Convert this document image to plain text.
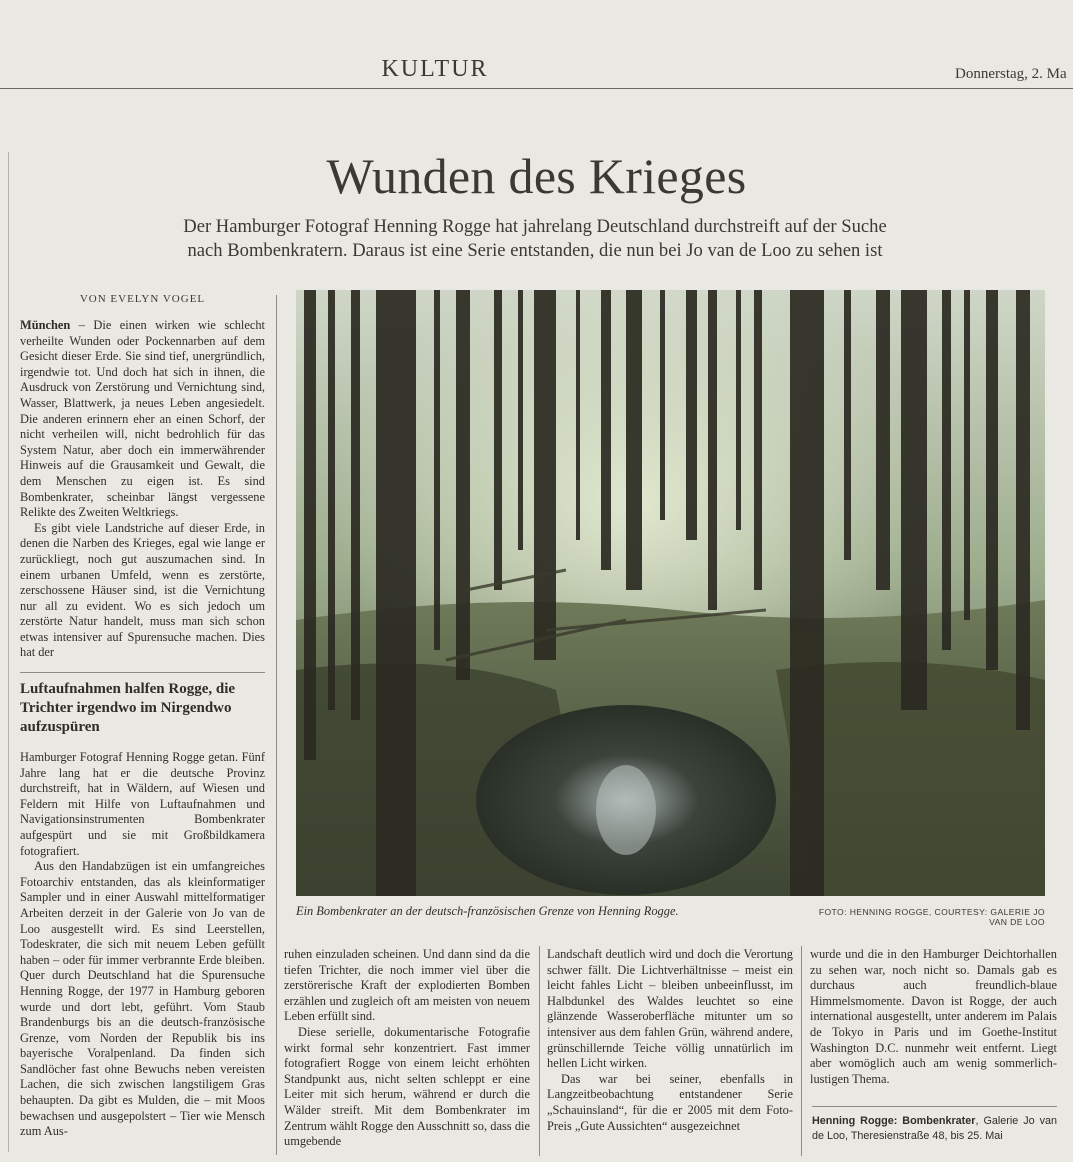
KULTUR	Donnerstag, 2. Ma
Wunden des Krieges
Der Hamburger Fotograf Henning Rogge hat jahrelang Deutschland durchstreift auf der Suche
nach Bombenkratern. Daraus ist eine Serie entstanden, die nun bei Jo van de Loo zu sehen ist
VON EVELYN VOGEL

München – Die einen wirken wie schlecht verheilte Wunden oder Pockennarben auf dem Gesicht dieser Erde. Sie sind tief, unergründlich, irgendwie tot. Und doch hat sich in ihnen, die Ausdruck von Zerstörung und Vernichtung sind, Wasser, Blattwerk, ja neues Leben angesiedelt. Die anderen erinnern eher an einen Schorf, der nicht verheilen will, nicht bedrohlich für das System Natur, aber doch ein immerwährender Hinweis auf die Grausamkeit und Gewalt, die dem Menschen zu eigen ist. Es sind Bombenkrater, scheinbar längst vergessene Relikte des Zweiten Weltkriegs.

Es gibt viele Landstriche auf dieser Erde, in denen die Narben des Krieges, egal wie lange er zurückliegt, noch gut auszumachen sind. In einem urbanen Umfeld, wenn es zerstörte, zerschossene Häuser sind, ist die Vernichtung nur all zu evident. Wo es sich jedoch um zerstörte Natur handelt, muss man sich schon etwas intensiver auf Spurensuche machen. Dies hat der

Luftaufnahmen halfen Rogge, die Trichter irgendwo im Nirgendwo aufzuspüren

Hamburger Fotograf Henning Rogge getan. Fünf Jahre lang hat er die deutsche Provinz durchstreift, hat in Wäldern, auf Wiesen und Feldern mit Hilfe von Luftaufnahmen und Navigationsinstrumenten Bombenkrater aufgespürt und sie mit Großbildkamera fotografiert.

Aus den Handabzügen ist ein umfangreiches Fotoarchiv entstanden, das als kleinformatiger Sampler und in einer Auswahl mittelformatiger Arbeiten derzeit in der Galerie von Jo van de Loo ausgestellt wird. Es sind Leerstellen, Todeskrater, die sich mit neuem Leben gefüllt haben – oder für immer verbrannte Erde bleiben. Quer durch Deutschland hat die Spurensuche Henning Rogge, der 1977 in Hamburg geboren wurde und dort lebt, geführt. Vom Staub Brandenburgs bis an die deutsch-französische Grenze, vom Norden der Republik bis ins bayerische Voralpenland. Da finden sich Sandlöcher fast ohne Bewuchs neben vereisten Lachen, die sich zwischen langstiligem Gras behaupten. Da gibt es Mulden, die – mit Moos bewachsen und ausgepolstert – Tier wie Mensch zum Aus-

Ein Bombenkrater an der deutsch-französischen Grenze von Henning Rogge.	FOTO: HENNING ROGGE, COURTESY: GALERIE JO VAN DE LOO

ruhen einzuladen scheinen. Und dann sind da die tiefen Trichter, die noch immer viel über die zerstörerische Kraft der explodierten Bomben erzählen und zugleich oft am meisten von neuem Leben erfüllt sind.

Diese serielle, dokumentarische Fotografie wirkt formal sehr konzentriert. Fast immer fotografiert Rogge von einem leicht erhöhten Standpunkt aus, nicht selten schleppt er eine Leiter mit sich herum, während er durch die Wälder streift. Mit dem Bombenkrater im Zentrum wählt Rogge den Ausschnitt so, dass die umgebende

Landschaft deutlich wird und doch die Verortung schwer fällt. Die Lichtverhältnisse – meist ein leicht fahles Licht – bleiben unbeeinflusst, im Halbdunkel des Waldes leuchtet so eine glänzende Wasseroberfläche mitunter um so intensiver aus dem fahlen Grün, während andere, grünschillernde Teiche völlig unnatürlich im hellen Licht wirken.

Das war bei seiner, ebenfalls in Langzeitbeobachtung entstandener Serie „Schauinsland“, für die er 2005 mit dem Foto-Preis „Gute Aussichten“ ausgezeichnet

wurde und die in den Hamburger Deichtorhallen zu sehen war, noch nicht so. Damals gab es durchaus auch freundlich-blaue Himmelsmomente. Davon ist Rogge, der auch international ausgestellt, unter anderem im Palais de Tokyo in Paris und im Goethe-Institut Washington D.C. nunmehr weit entfernt. Liegt aber womöglich auch am wenig sommerlich-lustigen Thema.

Henning Rogge: Bombenkrater, Galerie Jo van de Loo, Theresienstraße 48, bis 25. Mai
